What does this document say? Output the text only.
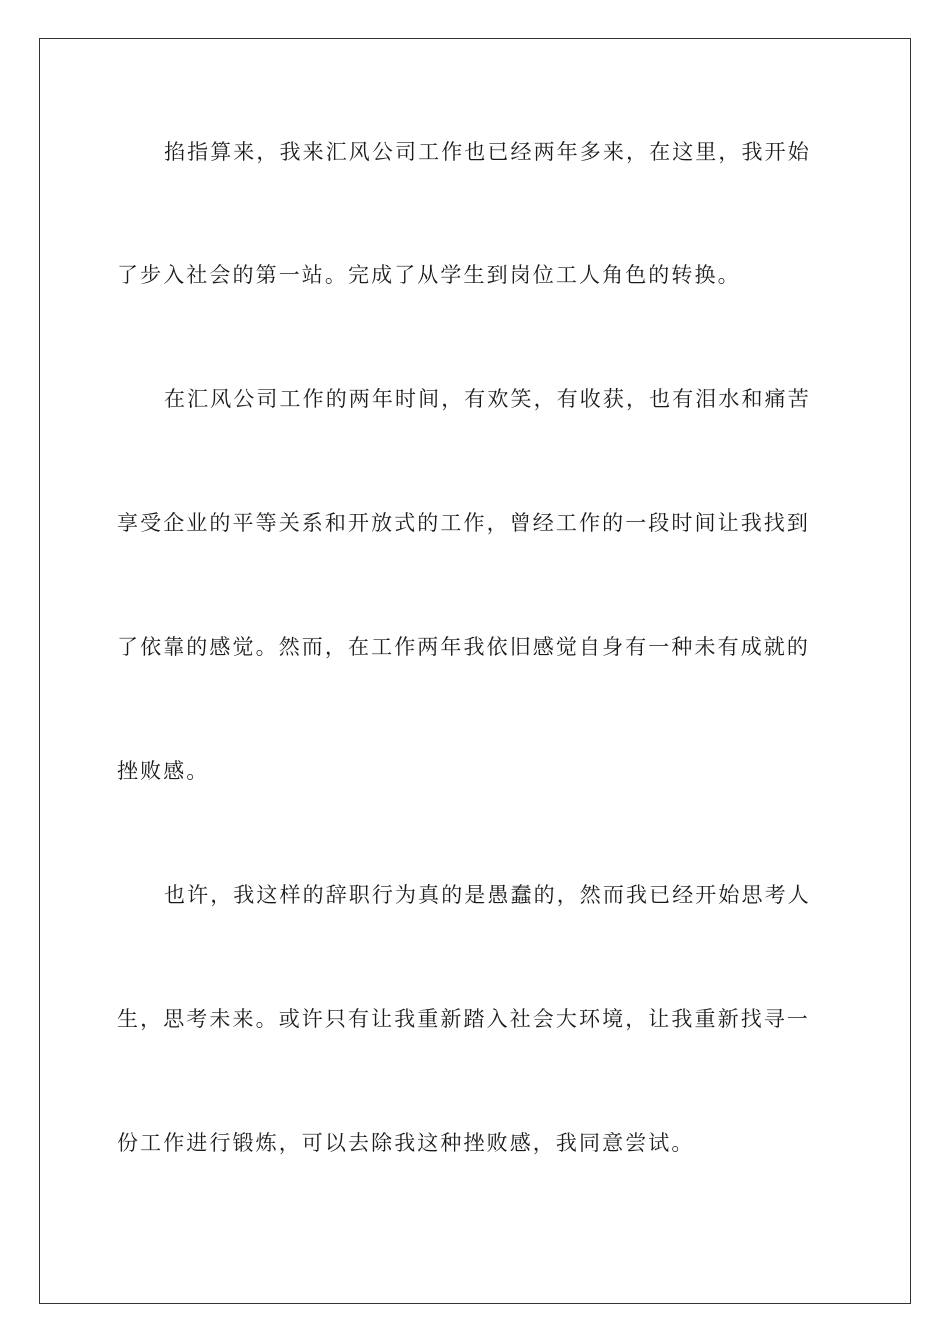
掐指算来，我来汇风公司工作也已经两年多来，在这里，我开始
了步入社会的第一站。完成了从学生到岗位工人角色的转换。
在汇风公司工作的两年时间，有欢笑，有收获，也有泪水和痛苦
享受企业的平等关系和开放式的工作，曾经工作的一段时间让我找到
了依靠的感觉。然而，在工作两年我依旧感觉自身有一种未有成就的
挫败感。
也许，我这样的辞职行为真的是愚蠢的，然而我已经开始思考人
生，思考未来。或许只有让我重新踏入社会大环境，让我重新找寻一
份工作进行锻炼，可以去除我这种挫败感，我同意尝试。
